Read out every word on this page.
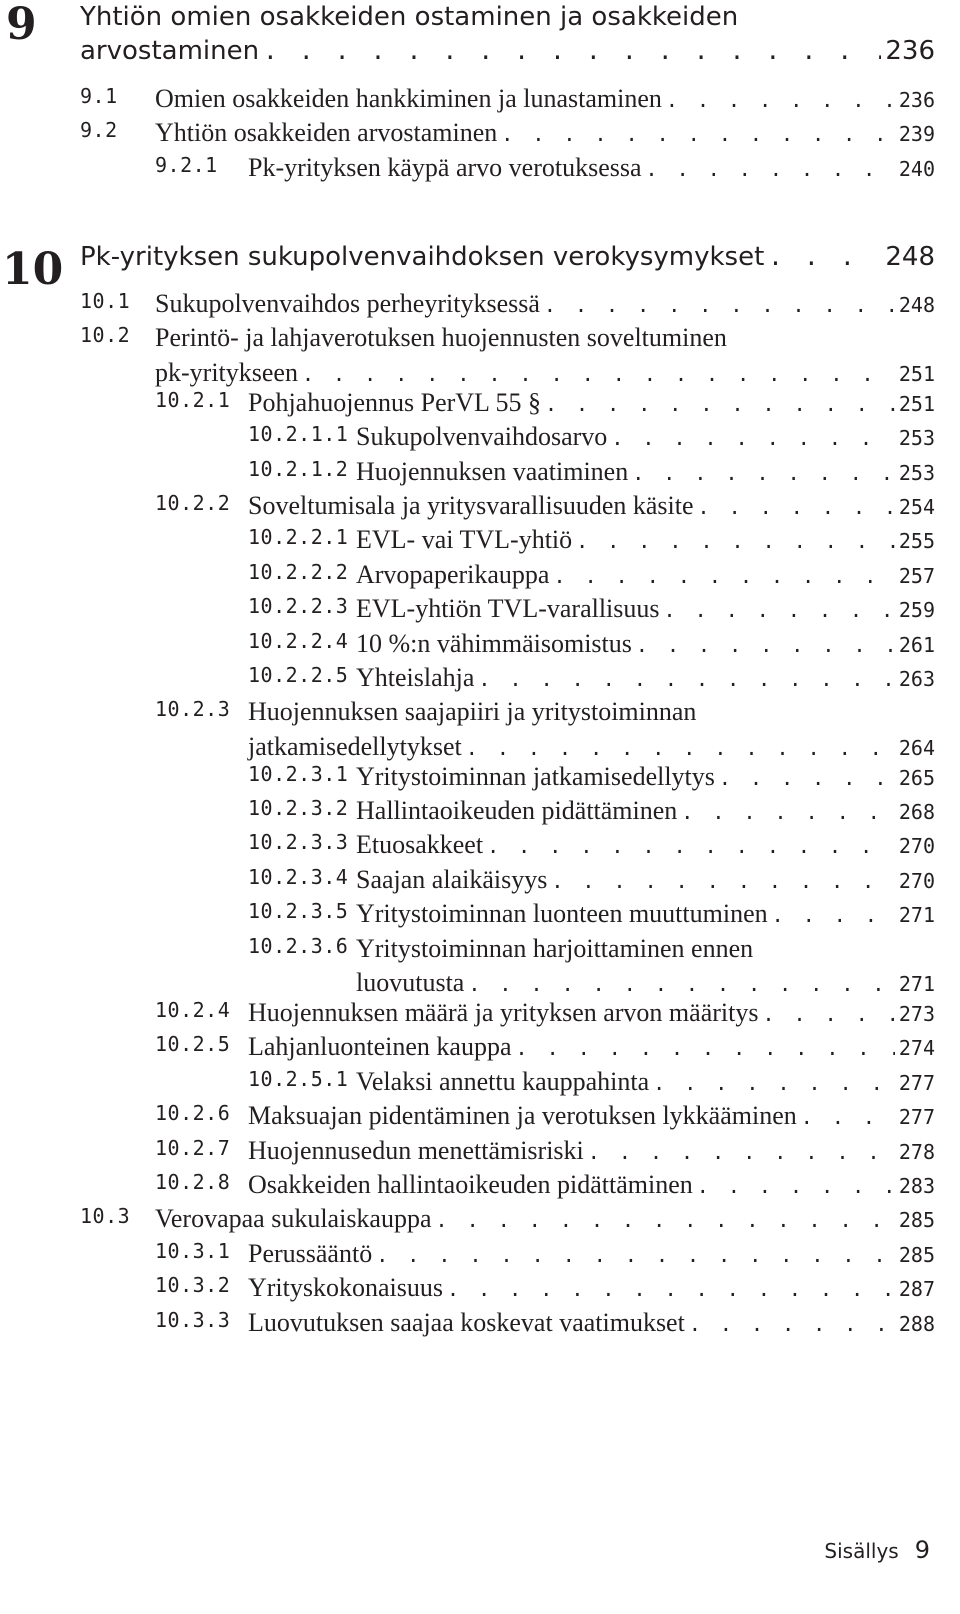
9 Yhtiön omien osakkeiden ostaminen ja osakkeiden
arvostaminen . . .	236
9.1 Omien osakkeiden hankkiminen ja lunastaminen . . .	236
9.2 Yhtiön osakkeiden arvostaminen . . .	239
9.2.1 Pk-yrityksen käypä arvo verotuksessa . . .	240
10 Pk-yrityksen sukupolvenvaihdoksen verokysymykset . . .	248
10.1 Sukupolvenvaihdos perheyrityksessä . . .	248
10.2 Perintö- ja lahjaverotuksen huojennusten soveltuminen
pk-yritykseen . . .	251
10.2.1 Pohjahuojennus PerVL 55 § . . .	251
10.2.1.1 Sukupolvenvaihdosarvo . . .	253
10.2.1.2 Huojennuksen vaatiminen . . .	253
10.2.2 Soveltumisala ja yritysvarallisuuden käsite . . .	254
10.2.2.1 EVL- vai TVL-yhtiö . . .	255
10.2.2.2 Arvopaperikauppa . . .	257
10.2.2.3 EVL-yhtiön TVL-varallisuus . . .	259
10.2.2.4 10 %:n vähimmäisomistus . . .	261
10.2.2.5 Yhteislahja . . .	263
10.2.3 Huojennuksen saajapiiri ja yritystoiminnan
jatkamisedellytykset . . .	264
10.2.3.1 Yritystoiminnan jatkamisedellytys . . .	265
10.2.3.2 Hallintaoikeuden pidättäminen . . .	268
10.2.3.3 Etuosakkeet . . .	270
10.2.3.4 Saajan alaikäisyys . . .	270
10.2.3.5 Yritystoiminnan luonteen muuttuminen . . .	271
10.2.3.6 Yritystoiminnan harjoittaminen ennen
luovutusta . . .	271
10.2.4 Huojennuksen määrä ja yrityksen arvon määritys . . .	273
10.2.5 Lahjanluonteinen kauppa . . .	274
10.2.5.1 Velaksi annettu kauppahinta . . .	277
10.2.6 Maksuajan pidentäminen ja verotuksen lykkääminen . . .	277
10.2.7 Huojennusedun menettämisriski . . .	278
10.2.8 Osakkeiden hallintaoikeuden pidättäminen . . .	283
10.3 Verovapaa sukulaiskauppa . . .	285
10.3.1 Perussääntö . . .	285
10.3.2 Yrityskokonaisuus . . .	287
10.3.3 Luovutuksen saajaa koskevat vaatimukset . . .	288
Sisällys 9
